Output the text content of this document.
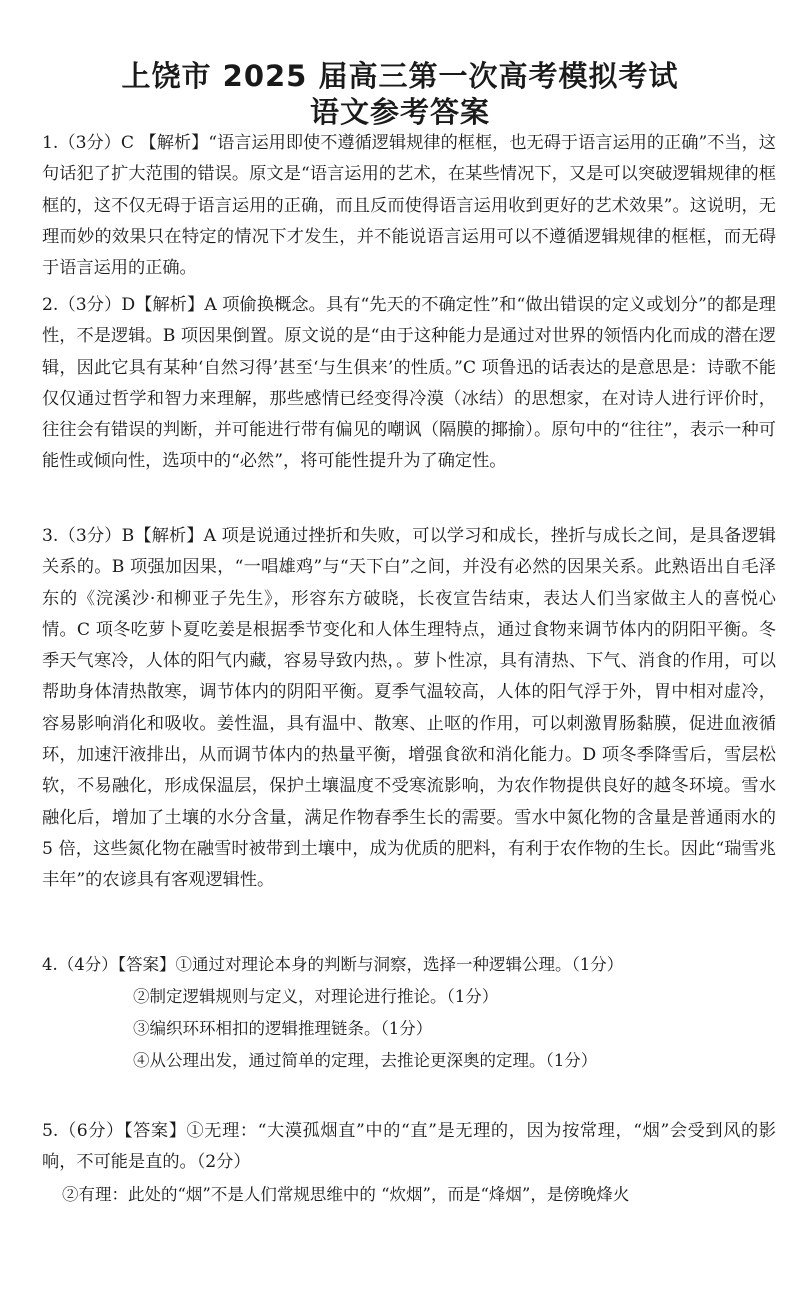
上饶市 2025 届高三第一次高考模拟考试
语文参考答案

1.（3分）C 【解析】“语言运用即使不遵循逻辑规律的框框，也无碍于语言运用的正确”不当，这句话犯了扩大范围的错误。原文是“语言运用的艺术，在某些情况下，又是可以突破逻辑规律的框框的，这不仅无碍于语言运用的正确，而且反而使得语言运用收到更好的艺术效果”。这说明，无理而妙的效果只在特定的情况下才发生，并不能说语言运用可以不遵循逻辑规律的框框，而无碍于语言运用的正确。

2.（3分）D【解析】A 项偷换概念。具有“先天的不确定性”和“做出错误的定义或划分”的都是理性，不是逻辑。B 项因果倒置。原文说的是“由于这种能力是通过对世界的领悟内化而成的潜在逻辑，因此它具有某种‘自然习得’甚至‘与生俱来’的性质。”C 项鲁迅的话表达的是意思是：诗歌不能仅仅通过哲学和智力来理解，那些感情已经变得冷漠（冰结）的思想家，在对诗人进行评价时，往往会有错误的判断，并可能进行带有偏见的嘲讽（隔膜的揶揄）。原句中的“往往”，表示一种可能性或倾向性，选项中的“必然”，将可能性提升为了确定性。

3.（3分）B【解析】A 项是说通过挫折和失败，可以学习和成长，挫折与成长之间，是具备逻辑关系的。B 项强加因果，“一唱雄鸡”与“天下白”之间，并没有必然的因果关系。此熟语出自毛泽东的《浣溪沙·和柳亚子先生》，形容东方破晓，长夜宣告结束，表达人们当家做主人的喜悦心情。C 项冬吃萝卜夏吃姜是根据季节变化和人体生理特点，通过食物来调节体内的阴阳平衡。冬季天气寒冷，人体的阳气内藏，容易导致内热，。萝卜性凉，具有清热、下气、消食的作用，可以帮助身体清热散寒，调节体内的阴阳平衡。夏季气温较高，人体的阳气浮于外，胃中相对虚冷，容易影响消化和吸收。姜性温，具有温中、散寒、止呕的作用，可以刺激胃肠黏膜，促进血液循环，加速汗液排出，从而调节体内的热量平衡，增强食欲和消化能力。D 项冬季降雪后，雪层松软，不易融化，形成保温层，保护土壤温度不受寒流影响，为农作物提供良好的越冬环境。雪水融化后，增加了土壤的水分含量，满足作物春季生长的需要。雪水中氮化物的含量是普通雨水的 5 倍，这些氮化物在融雪时被带到土壤中，成为优质的肥料，有利于农作物的生长。因此“瑞雪兆丰年”的农谚具有客观逻辑性。

4.（4分）【答案】①通过对理论本身的判断与洞察，选择一种逻辑公理。（1分）
②制定逻辑规则与定义，对理论进行推论。（1分）
③编织环环相扣的逻辑推理链条。（1分）
④从公理出发，通过简单的定理，去推论更深奥的定理。（1分）

5.（6分）【答案】①无理：“大漠孤烟直”中的“直”是无理的，因为按常理，“烟”会受到风的影响，不可能是直的。（2分）

②有理：此处的“烟”不是人们常规思维中的 “炊烟”，而是“烽烟”，是傍晚烽火
